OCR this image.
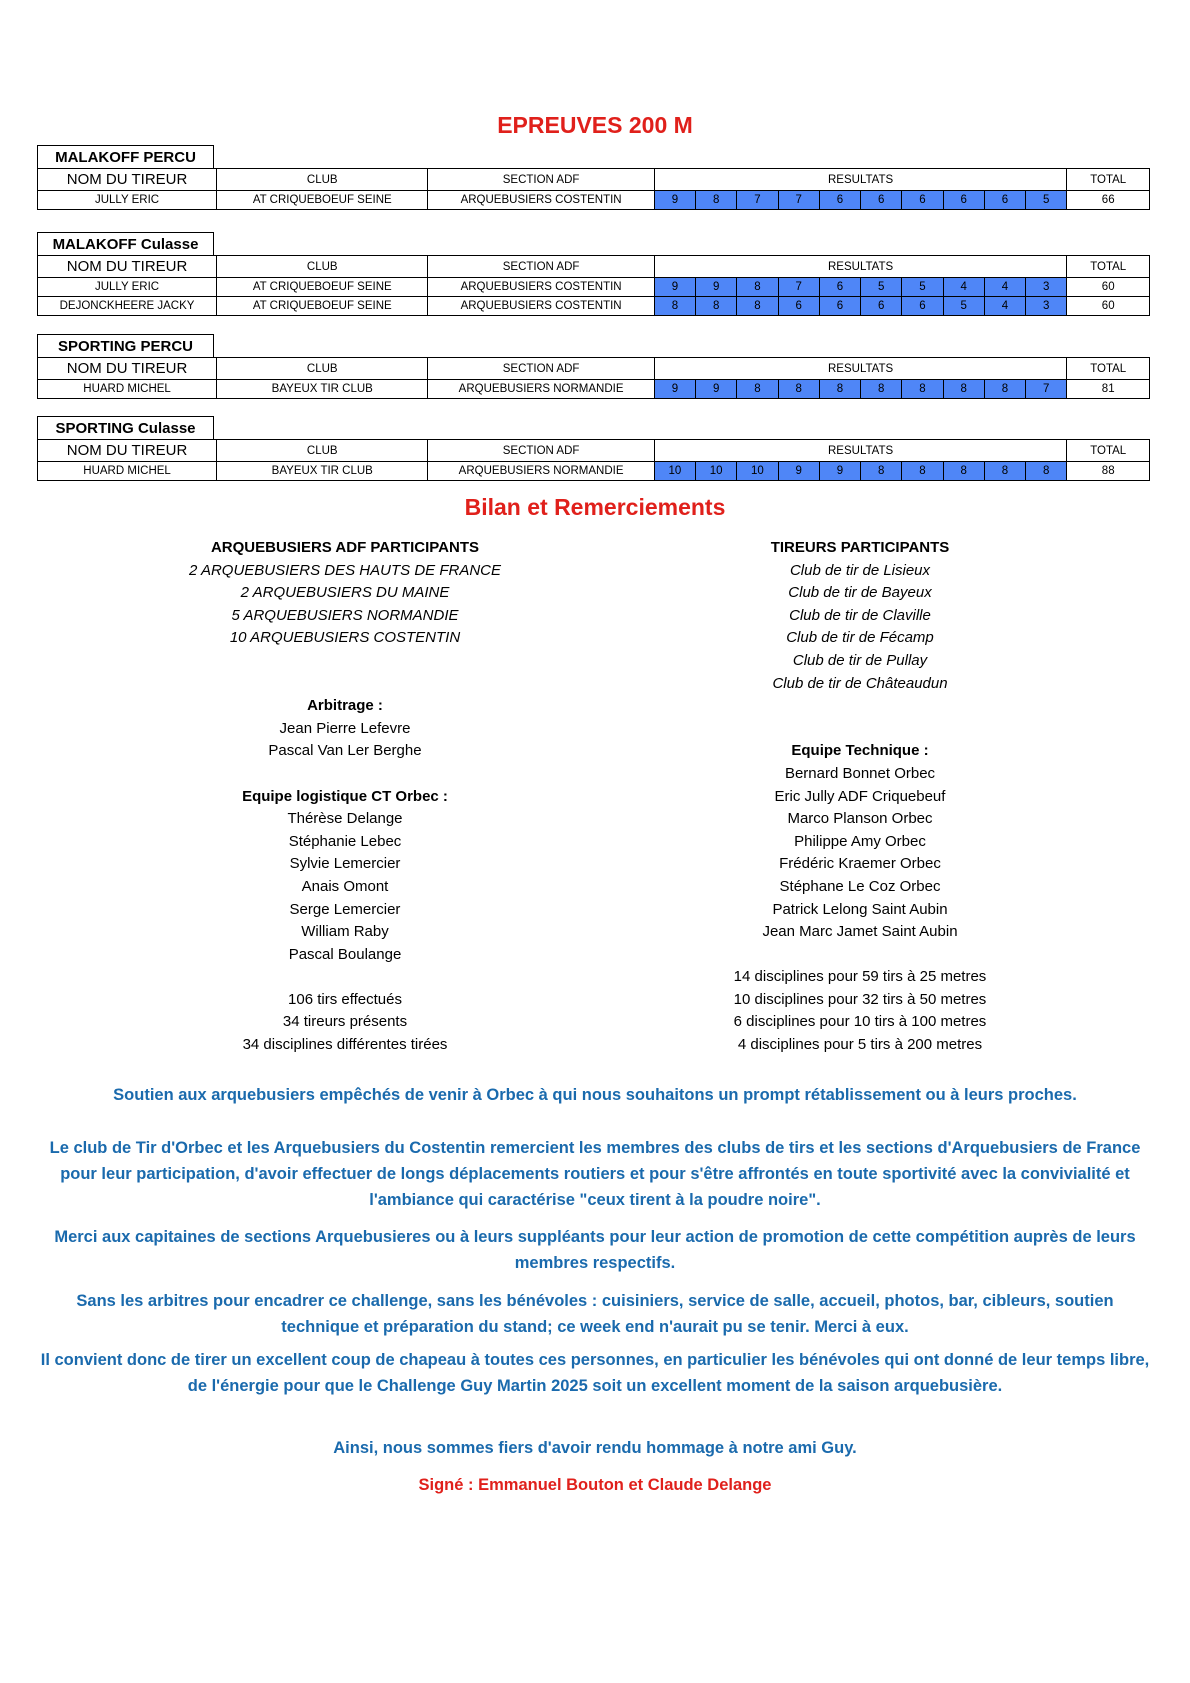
EPREUVES 200 M
MALAKOFF PERCU
NOM DU TIREUR	CLUB	SECTION ADF	RESULTATS										TOTAL
JULLY ERIC	AT CRIQUEBOEUF SEINE	ARQUEBUSIERS COSTENTIN	9	8	7	7	6	6	6	6	6	5	66
MALAKOFF Culasse
NOM DU TIREUR	CLUB	SECTION ADF	RESULTATS										TOTAL
JULLY ERIC	AT CRIQUEBOEUF SEINE	ARQUEBUSIERS COSTENTIN	9	9	8	7	6	5	5	4	4	3	60
DEJONCKHEERE JACKY	AT CRIQUEBOEUF SEINE	ARQUEBUSIERS COSTENTIN	8	8	8	6	6	6	6	5	4	3	60
SPORTING PERCU
NOM DU TIREUR	CLUB	SECTION ADF	RESULTATS										TOTAL
HUARD MICHEL	BAYEUX TIR CLUB	ARQUEBUSIERS NORMANDIE	9	9	8	8	8	8	8	8	8	7	81
SPORTING Culasse
NOM DU TIREUR	CLUB	SECTION ADF	RESULTATS										TOTAL
HUARD MICHEL	BAYEUX TIR CLUB	ARQUEBUSIERS NORMANDIE	10	10	10	9	9	8	8	8	8	8	88
Bilan et Remerciements
ARQUEBUSIERS ADF PARTICIPANTS
2 ARQUEBUSIERS DES HAUTS DE FRANCE
2 ARQUEBUSIERS DU MAINE
5 ARQUEBUSIERS NORMANDIE
10 ARQUEBUSIERS COSTENTIN
Arbitrage :
Jean Pierre Lefevre
Pascal Van Ler Berghe
Equipe logistique CT Orbec :
Thérèse Delange
Stéphanie Lebec
Sylvie Lemercier
Anais Omont
Serge Lemercier
William Raby
Pascal Boulange
106 tirs effectués
34 tireurs présents
34 disciplines différentes tirées
TIREURS PARTICIPANTS
Club de tir de Lisieux
Club de tir de Bayeux
Club de tir de Claville
Club de tir de Fécamp
Club de tir de Pullay
Club de tir de Châteaudun
Equipe Technique :
Bernard Bonnet Orbec
Eric Jully ADF Criquebeuf
Marco Planson Orbec
Philippe Amy Orbec
Frédéric Kraemer Orbec
Stéphane Le Coz Orbec
Patrick Lelong Saint Aubin
Jean Marc Jamet Saint Aubin
14 disciplines pour 59 tirs à 25 metres
10 disciplines pour 32 tirs à 50 metres
6 disciplines pour 10 tirs à 100 metres
4 disciplines pour 5 tirs à 200 metres
Soutien aux arquebusiers empêchés de venir à Orbec à qui nous souhaitons un prompt rétablissement ou à leurs proches.
Le club de Tir d'Orbec et les Arquebusiers du Costentin remercient les membres des clubs de tirs et les sections d'Arquebusiers de France pour leur participation, d'avoir effectuer de longs déplacements routiers et pour s'être affrontés en toute sportivité avec la convivialité et l'ambiance qui caractérise "ceux tirent à la poudre noire".
Merci aux capitaines de sections Arquebusieres ou à leurs suppléants pour leur action de promotion de cette compétition auprès de leurs membres respectifs.
Sans les arbitres pour encadrer ce challenge, sans les bénévoles : cuisiniers, service de salle, accueil, photos, bar, cibleurs, soutien technique et préparation du stand; ce week end n'aurait pu se tenir. Merci à eux.
Il convient donc de tirer un excellent coup de chapeau à toutes ces personnes, en particulier les bénévoles qui ont donné de leur temps libre, de l'énergie pour que le Challenge Guy Martin 2025 soit un excellent moment de la saison arquebusière.
Ainsi, nous sommes fiers d'avoir rendu hommage à notre ami Guy.
Signé : Emmanuel Bouton et Claude Delange
